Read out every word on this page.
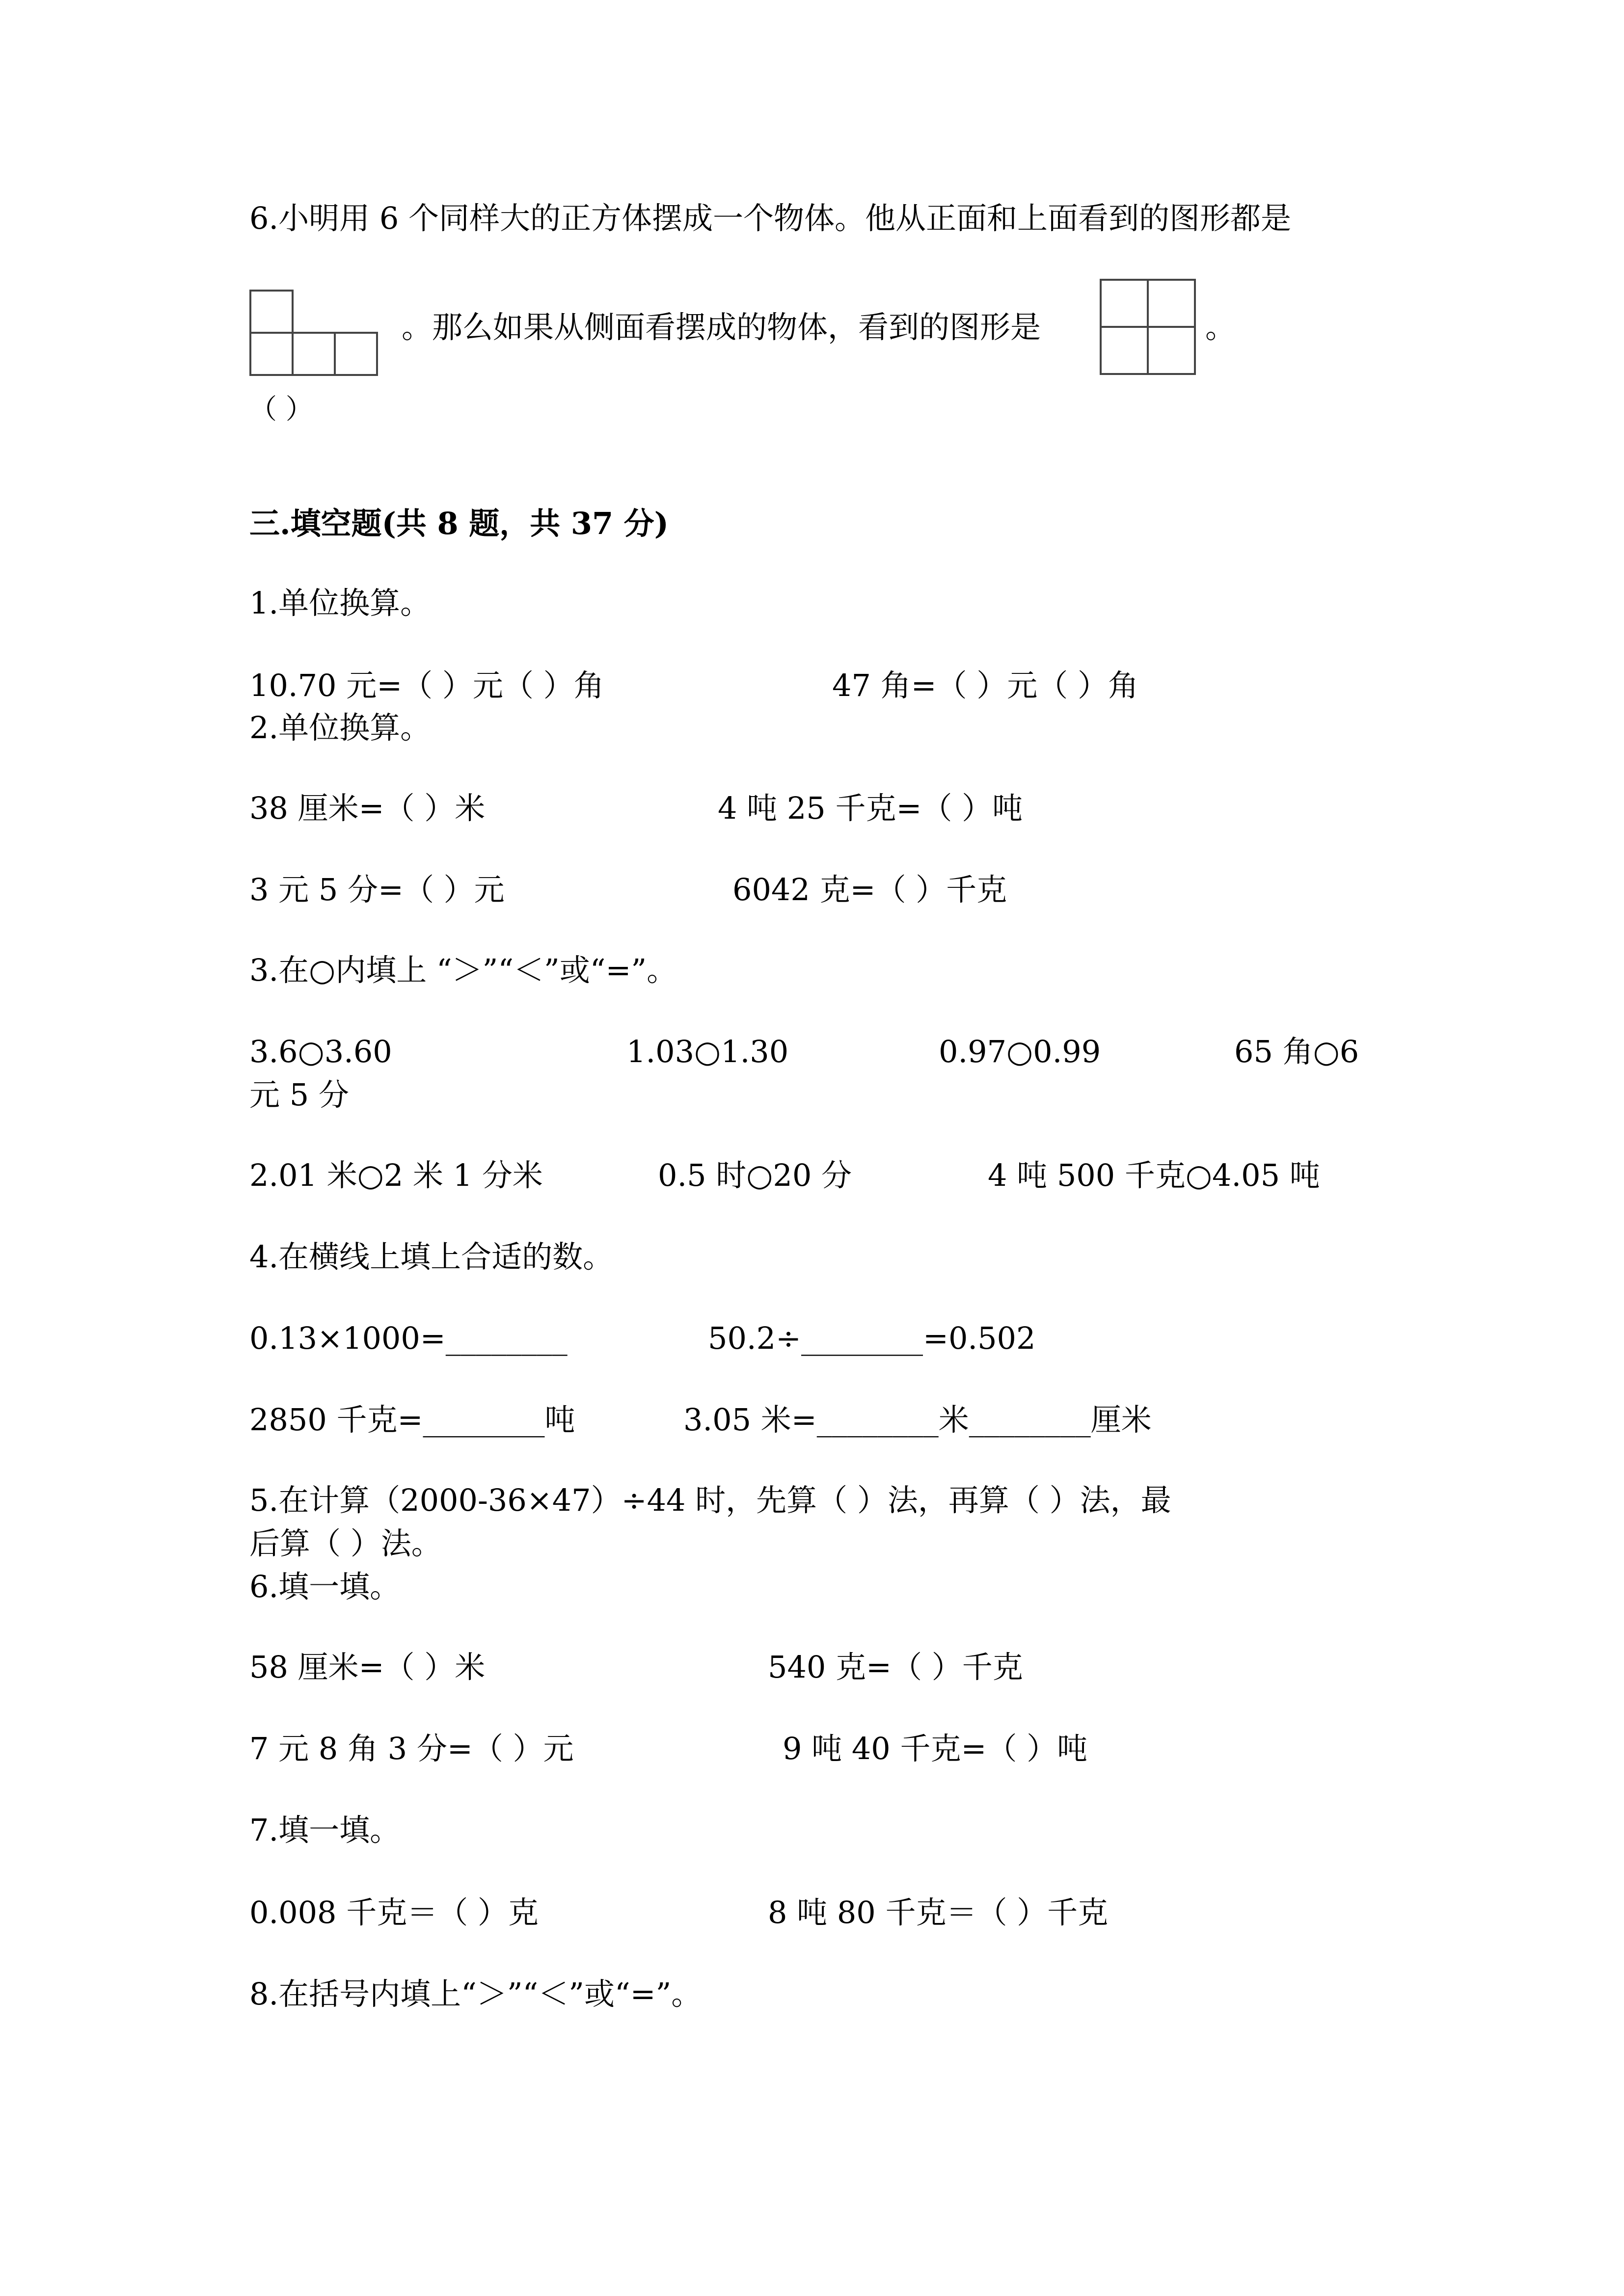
6.小明用 6 个同样大的正方体摆成一个物体。他从正面和上面看到的图形都是
。那么如果从侧面看摆成的物体，看到的图形是	。
（ ）
三.填空题(共 8 题，共 37 分)
1.单位换算。
10.70 元=（ ）元（ ）角	47 角=（ ）元（ ）角
2.单位换算。
38 厘米=（ ）米	4 吨 25 千克=（ ）吨
3 元 5 分=（ ）元	6042 克=（ ）千克
3.在○内填上 “＞”“＜”或“=”。
3.6○3.60	1.03○1.30	0.97○0.99	65 角○6
元 5 分
2.01 米○2 米 1 分米	0.5 时○20 分	4 吨 500 千克○4.05 吨
4.在横线上填上合适的数。
0.13×1000=________	50.2÷________=0.502
2850 千克=________吨	3.05 米=________米________厘米
5.在计算（2000-36×47）÷44 时，先算（ ）法，再算（ ）法，最
后算（ ）法。
6.填一填。
58 厘米=（ ）米	540 克=（ ）千克
7 元 8 角 3 分=（ ）元	9 吨 40 千克=（ ）吨
7.填一填。
0.008 千克＝（ ）克	8 吨 80 千克＝（ ）千克
8.在括号内填上“＞”“＜”或“=”。
